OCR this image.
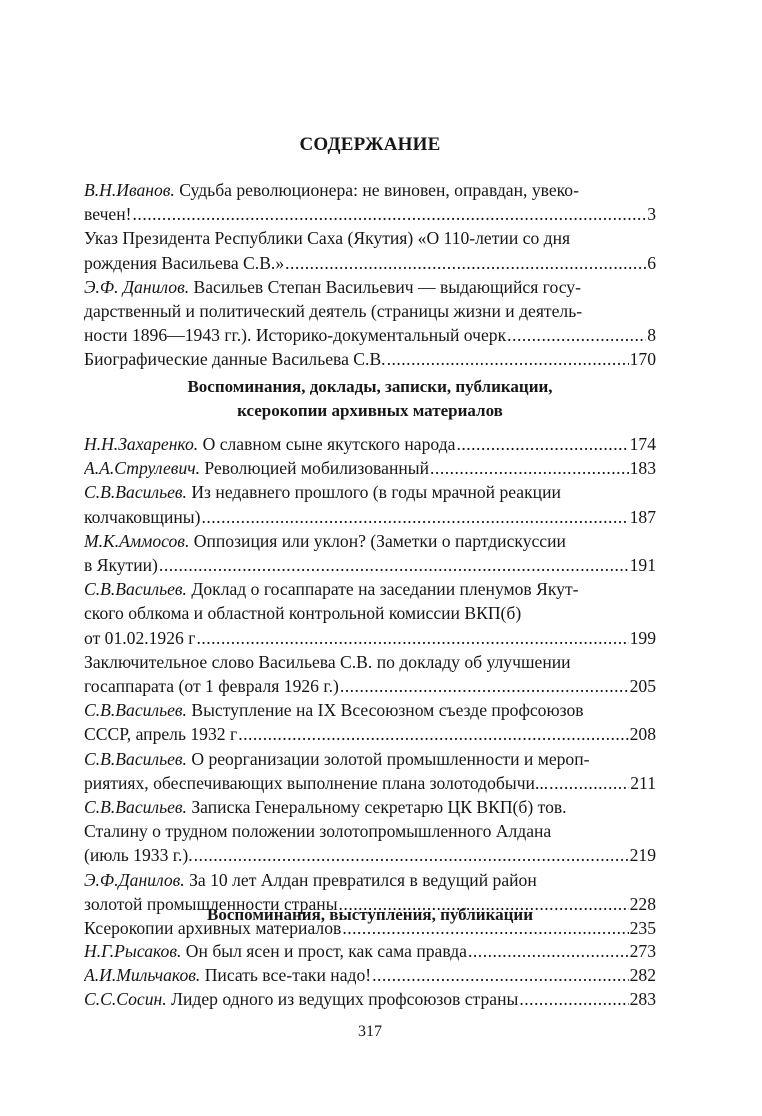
СОДЕРЖАНИЕ
В.Н.Иванов. Судьба революционера: не виновен, оправдан, увеко-
вечен! .....	3
Указ Президента Республики Саха (Якутия) «О 110-летии со дня
рождения Васильева С.В.» .....	6
Э.Ф. Данилов. Васильев Степан Васильевич — выдающийся госу-
дарственный и политический деятель (страницы жизни и деятель-
ности 1896—1943 гг.). Историко-документальный очерк .....	8
Биографические данные Васильева С.В. .....	170
Воспоминания, доклады, записки, публикации,
ксерокопии архивных материалов
Н.Н.Захаренко. О славном сыне якутского народа .....	174
А.А.Струлевич. Революцией мобилизованный .....	183
С.В.Васильев. Из недавнего прошлого (в годы мрачной реакции
колчаковщины) .....	187
М.К.Аммосов. Оппозиция или уклон? (Заметки о партдискуссии
в Якутии) .....	191
С.В.Васильев. Доклад о госаппарате на заседании пленумов Якут-
ского облкома и областной контрольной комиссии ВКП(б)
от 01.02.1926 г .....	199
Заключительное слово Васильева С.В. по докладу об улучшении
госаппарата (от 1 февраля 1926 г.) .....	205
С.В.Васильев. Выступление на IX Всесоюзном съезде профсоюзов
СССР, апрель 1932 г .....	208
С.В.Васильев. О реорганизации золотой промышленности и мероп-
риятиях, обеспечивающих выполнение плана золотодобычи... .....	211
С.В.Васильев. Записка Генеральному секретарю ЦК ВКП(б) тов.
Сталину о трудном положении золотопромышленного Алдана
(июль 1933 г.). .....	219
Э.Ф.Данилов. За 10 лет Алдан превратился в ведущий район
золотой промышленности страны .....	228
Ксерокопии архивных материалов .....	235
Воспоминания, выступления, публикации
Н.Г.Рысаков. Он был ясен и прост, как сама правда .....	273
А.И.Мильчаков. Писать все-таки надо! .....	282
С.С.Сосин. Лидер одного из ведущих профсоюзов страны .....	283
317
